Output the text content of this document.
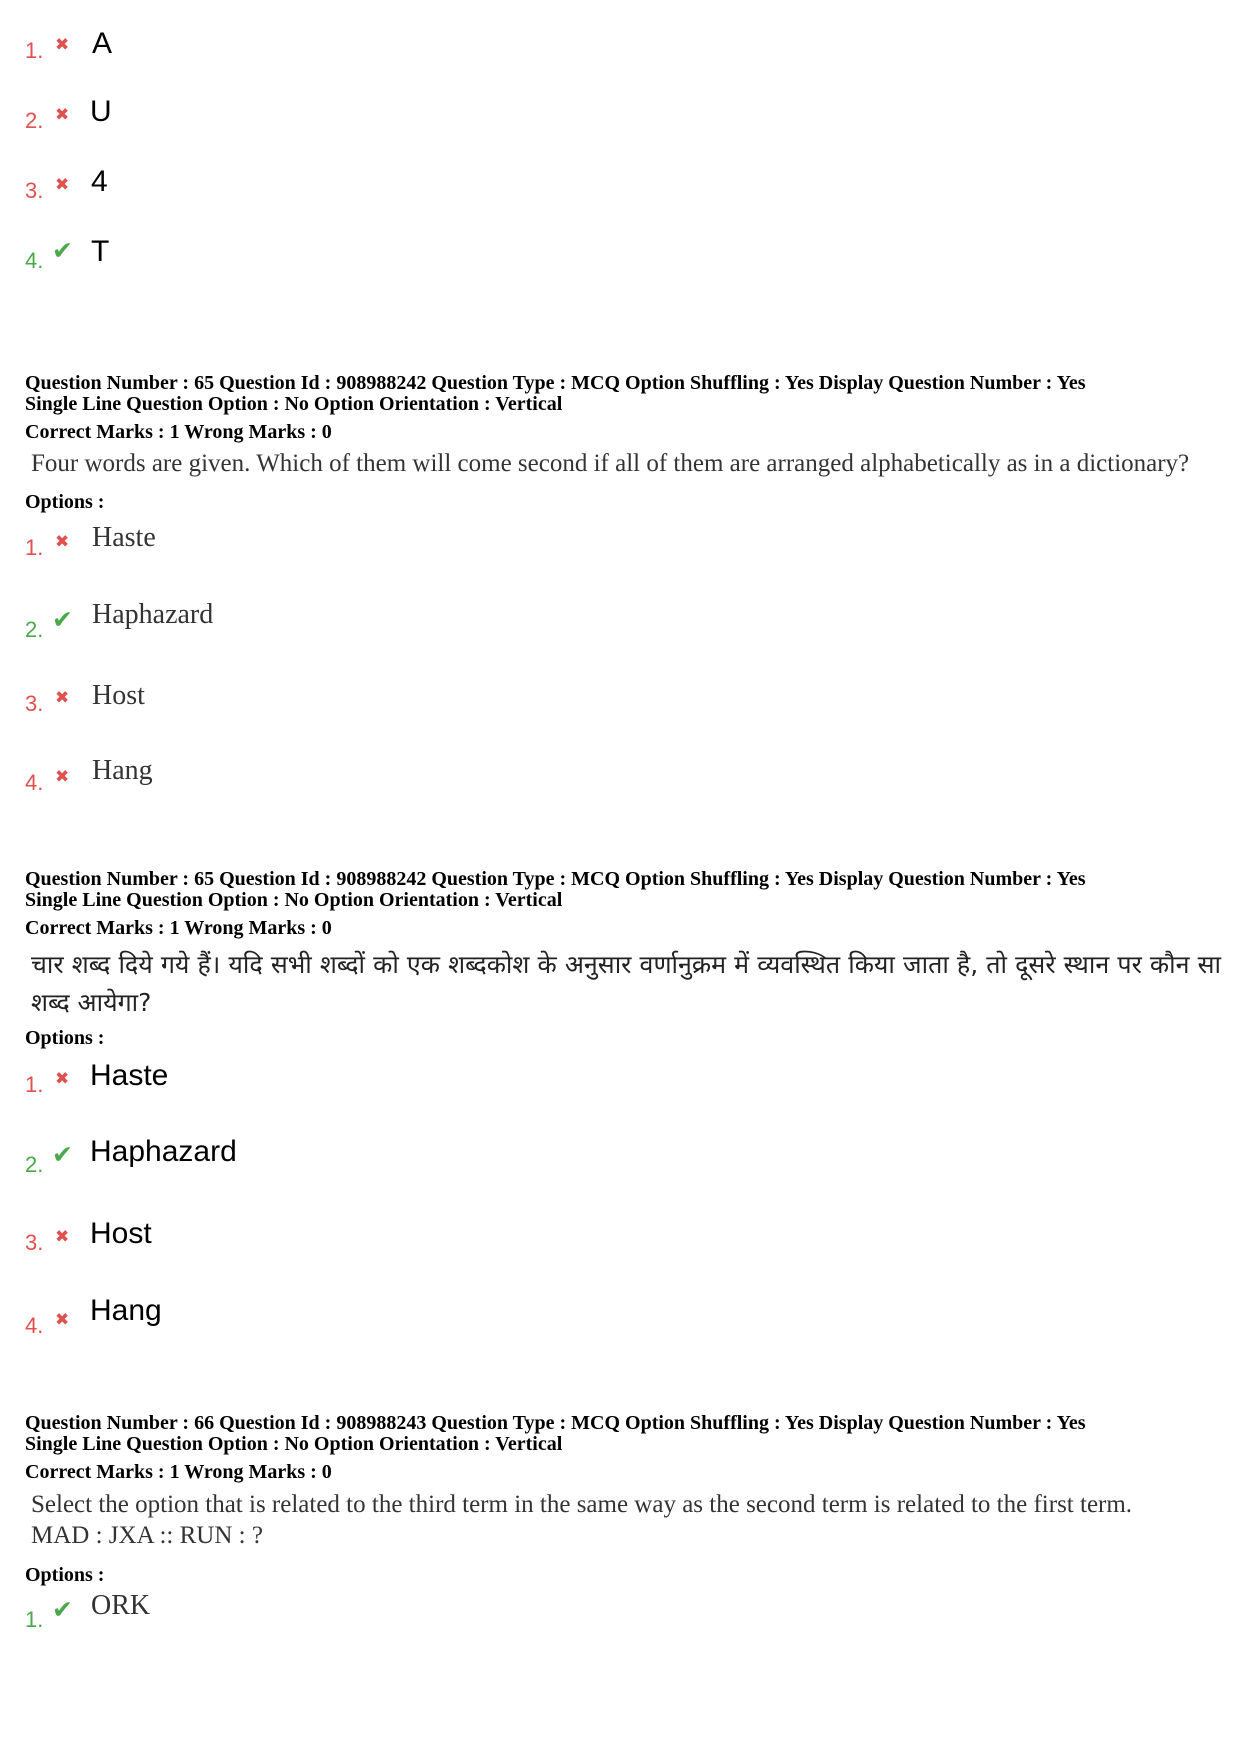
1. ✖ A
2. ✖ U
3. ✖ 4
4. ✔ T
Question Number : 65 Question Id : 908988242 Question Type : MCQ Option Shuffling : Yes Display Question Number : Yes
Single Line Question Option : No Option Orientation : Vertical
Correct Marks : 1 Wrong Marks : 0
Four words are given. Which of them will come second if all of them are arranged alphabetically as in a dictionary?
Options :
1. ✖ Haste
2. ✔ Haphazard
3. ✖ Host
4. ✖ Hang
Question Number : 65 Question Id : 908988242 Question Type : MCQ Option Shuffling : Yes Display Question Number : Yes
Single Line Question Option : No Option Orientation : Vertical
Correct Marks : 1 Wrong Marks : 0
चार शब्द दिये गये हैं। यदि सभी शब्दों को एक शब्दकोश के अनुसार वर्णानुक्रम में व्यवस्थित किया जाता है, तो दूसरे स्थान पर कौन सा शब्द आयेगा?
Options :
1. ✖ Haste
2. ✔ Haphazard
3. ✖ Host
4. ✖ Hang
Question Number : 66 Question Id : 908988243 Question Type : MCQ Option Shuffling : Yes Display Question Number : Yes
Single Line Question Option : No Option Orientation : Vertical
Correct Marks : 1 Wrong Marks : 0
Select the option that is related to the third term in the same way as the second term is related to the first term.
MAD : JXA :: RUN : ?
Options :
1. ✔ ORK
